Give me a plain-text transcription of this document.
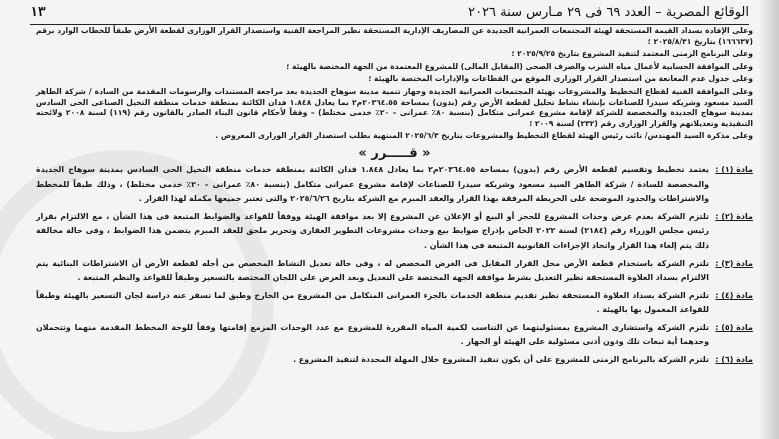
الوقائع المصرية – العدد ٦٩ فى ٢٩ مـارس سنة ٢٠٢٦
١٣

وعلى الإفادة بسداد القيمة المستحقة لهيئة المجتمعات العمرانية الجديدة عن المصاريف الإدارية المستحقة نظير المراجعة الفنية واستصدار القرار الوزارى لقطعة الأرض طبقاً للخطاب الوارد برقم (١٦٦٦٣٧) بتاريخ ٢٠٢٥/٨/٣١ ؛

وعلى البرنامج الزمنى المعتمد لتنفيذ المشروع بتاريخ ٢٠٢٥/٩/٢٥ ؛

وعلى الموافقة الحسابية لأعمال مياه الشرب والصرف الصحى (المقابل المالى) للمشروع المعتمدة من الجهة المختصة بالهيئة ؛

وعلى جدول عدم المعانعة من استصدار القرار الوزارى الموقع من القطاعات والإدارات المختصة بالهيئة ؛

وعلى الموافقة الفنية لقطاع التخطيط والمشروعات بهيئة المجتمعات العمرانية الجديدة وجهاز تنمية مدينة سوهاج الجديدة بعد مراجعة المستندات والرسومات المقدمة من السادة / شركة الطاهر السيد مسعود وشريكه سيدرا للصناعات بإنشاء نشاط تحليل لقطعة الأرض رقم (بدون) بمساحة ٢٠٣٦٤.٥٥م٢ بما يعادل ١.٨٤٨ فدان الكائنة بمنطقة خدمات منطقة التخيل الصناعى الحى السادس بمدينة سوهاج الجديدة والمخصصة للشركة لإقامة مشروع عمرانى متكامل (بنسبة ٨٠٪ عمرانى – ٢٠٪ خدمى مختلط) – وفقاً لأحكام قانون البناء الصادر بالقانون رقم (١١٩) لسنة ٢٠٠٨ ولائحته التنفيذية وتعديلاتهم والقرار الوزارى رقم (٢٣٢) لسنة ٢٠٠٩ ؛

وعلى مذكرة السيد المهندس/ نائب رئيس الهيئة لقطاع التخطيط والمشروعات بتاريخ ٢٠٢٥/٦/٣ المنتهية بطلب استصدار القرار الوزارى المعروض .

« قـــــرر »
مادة (١) :
يعتمد تخطيط وتقسيم لقطعة الأرض رقم (بدون) بمساحة ٢٠٣٦٤.٥٥م٢ بما يعادل ١.٨٤٨ فدان الكائنة بمنطقة خدمات منطقة التخيل الحى السادس بمدينة سوهاج الجديدة والمخصصة للسادة / شركة الطاهر السيد مسعود وشريكه سيدرا للصناعات لإقامة مشروع عمرانى متكامل (بنسبة ٨٠٪ عمرانى – ٢٠٪ خدمى مختلط) ، وذلك طبقاً للمخطط والاشتراطات والحدود الموضحة على الخريطة المرفقة بهذا القرار والعقد المبرم مع الشركة بتاريخ ٢٠٢٥/٦/٢٦ والتى تعتبر جميعها مكملة لهذا القرار .
مادة (٢) :
تلتزم الشركة بعدم عرض وحدات المشروع للحجز أو البيع أو الإعلان عن المشروع إلا بعد موافقة الهيئة ووفقاً للقواعد والضوابط المتبعة فى هذا الشأن ، مع الالتزام بقرار رئيس مجلس الوزراء رقم (٢١٨٤) لسنة ٢٠٢٢ الخاص بإدراج ضوابط بيع وحدات مشروعات التطوير العقارى وتحرير ملحق للعقد المبرم يتضمن هذا الضوابط ، وفى حالة مخالفة ذلك يتم إلغاء هذا القرار واتخاذ الإجراءات القانونية المتبعة فى هذا الشأن .
مادة (٣) :
تلتزم الشركة باستخدام قطعة الأرض محل القرار المقابل فى الغرض المخصص له ، وفى حالة تعديل النشاط المخصص من أجله لقطعة الأرض أن الاشتراطات البنائية يتم الالتزام بسداد العلاوة المستحقة نظير التعديل بشرط موافقة الجهة المختصة على التعديل وبعد العرض على اللجان المختصة بالتسعير وطبقاً للقواعد والنظم المتبعة .
مادة (٤) :
تلتزم الشركة بسداد العلاوة المستحقة نظير تقديم منطقة الخدمات بالجزء العمرانى المتكامل من المشروع من الخارج وطبق لما تسفر عنه دراسة لجان التسعير بالهيئة وطبقاً للقواعد المعمول بها بالهيئة .
مادة (٥) :
تلتزم الشركة واستشارى المشروع بمسئوليتهما عن التناسب لكمية المياه المقررة للمشروع مع عدد الوحدات المزمع إقامتها وفقاً للوحة المخطط المقدمة منهما وتتحملان وحدهما أية تبعات تلك ودون أدنى مسئولية على الهيئة أو الجهاز .
مادة (٦) :
تلتزم الشركة بالبرنامج الزمنى للمشروع على أن يكون تنفيذ المشروع خلال المهلة المحددة لتنفيذ المشروع .
